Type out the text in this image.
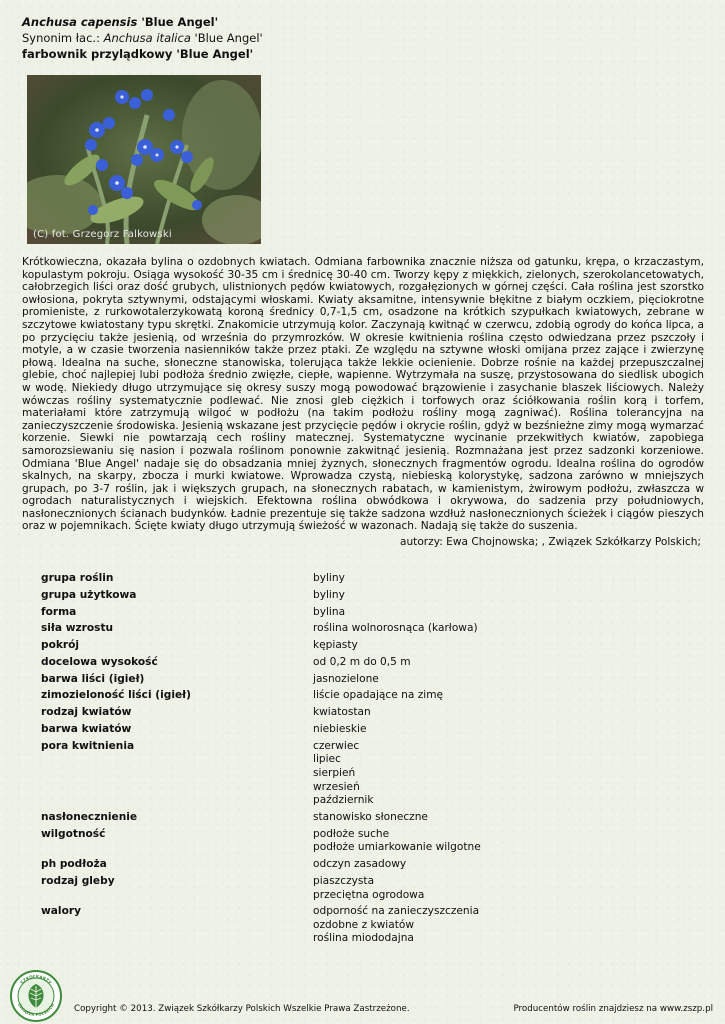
Anchusa capensis 'Blue Angel'
Synonim łac.: Anchusa italica 'Blue Angel'
farbownik przylądkowy 'Blue Angel'
(C) fot. Grzegorz Falkowski
Krótkowieczna, okazała bylina o ozdobnych kwiatach. Odmiana farbownika znacznie niższa od gatunku, krępa, o krzaczastym, kopulastym pokroju. Osiąga wysokość 30-35 cm i średnicę 30-40 cm. Tworzy kępy z miękkich, zielonych, szerokolancetowatych, całobrzegich liści oraz dość grubych, ulistnionych pędów kwiatowych, rozgałęzionych w górnej części. Cała roślina jest szorstko owłosiona, pokryta sztywnymi, odstającymi włoskami. Kwiaty aksamitne, intensywnie błękitne z białym oczkiem, pięciokrotne promieniste, z rurkowotalerzykowatą koroną średnicy 0,7-1,5 cm, osadzone na krótkich szypułkach kwiatowych, zebrane w szczytowe kwiatostany typu skrętki. Znakomicie utrzymują kolor. Zaczynają kwitnąć w czerwcu, zdobią ogrody do końca lipca, a po przycięciu także jesienią, od września do przymrozków. W okresie kwitnienia roślina często odwiedzana przez pszczoły i motyle, a w czasie tworzenia nasienników także przez ptaki. Ze względu na sztywne włoski omijana przez zające i zwierzynę płową. Idealna na suche, słoneczne stanowiska, tolerująca także lekkie ocienienie. Dobrze rośnie na każdej przepuszczalnej glebie, choć najlepiej lubi podłoża średnio zwięzłe, ciepłe, wapienne. Wytrzymała na suszę, przystosowana do siedlisk ubogich w wodę. Niekiedy długo utrzymujące się okresy suszy mogą powodować brązowienie i zasychanie blaszek liściowych. Należy wówczas rośliny systematycznie podlewać. Nie znosi gleb ciężkich i torfowych oraz ściółkowania roślin korą i torfem, materiałami które zatrzymują wilgoć w podłożu (na takim podłożu rośliny mogą zagniwać). Roślina tolerancyjna na zanieczyszczenie środowiska. Jesienią wskazane jest przycięcie pędów i okrycie roślin, gdyż w bezśnieżne zimy mogą wymarzać korzenie. Siewki nie powtarzają cech rośliny matecznej. Systematyczne wycinanie przekwitłych kwiatów, zapobiega samorozsiewaniu się nasion i pozwala roślinom ponownie zakwitnąć jesienią. Rozmnażana jest przez sadzonki korzeniowe. Odmiana 'Blue Angel' nadaje się do obsadzania mniej żyznych, słonecznych fragmentów ogrodu. Idealna roślina do ogrodów skalnych, na skarpy, zbocza i murki kwiatowe. Wprowadza czystą, niebieską kolorystykę, sadzona zarówno w mniejszych grupach, po 3-7 roślin, jak i większych grupach, na słonecznych rabatach, w kamienistym, żwirowym podłożu, zwłaszcza w ogrodach naturalistycznych i wiejskich. Efektowna roślina obwódkowa i okrywowa, do sadzenia przy południowych, nasłonecznionych ścianach budynków. Ładnie prezentuje się także sadzona wzdłuż nasłonecznionych ścieżek i ciągów pieszych oraz w pojemnikach. Ścięte kwiaty długo utrzymują świeżość w wazonach. Nadają się także do suszenia.
autorzy: Ewa Chojnowska; , Związek Szkółkarzy Polskich;
grupa roślin	byliny
grupa użytkowa	byliny
forma	bylina
siła wzrostu	roślina wolnorosnąca (karłowa)
pokrój	kępiasty
docelowa wysokość	od 0,2 m do 0,5 m
barwa liści (igieł)	jasnozielone
zimozieloność liści (igieł)	liście opadające na zimę
rodzaj kwiatów	kwiatostan
barwa kwiatów	niebieskie
pora kwitnienia	czerwiec
lipiec
sierpień
wrzesień
październik
nasłonecznienie	stanowisko słoneczne
wilgotność	podłoże suche
podłoże umiarkowanie wilgotne
ph podłoża	odczyn zasadowy
rodzaj gleby	piaszczysta
przeciętna ogrodowa
walory	odporność na zanieczyszczenia
ozdobne z kwiatów
roślina miododajna
SZKÓŁKARZY
ZWIĄZEK POLSKICH Copyright © 2013. Związek Szkółkarzy Polskich Wszelkie Prawa Zastrzeżone.	Producentów roślin znajdziesz na www.zszp.pl
